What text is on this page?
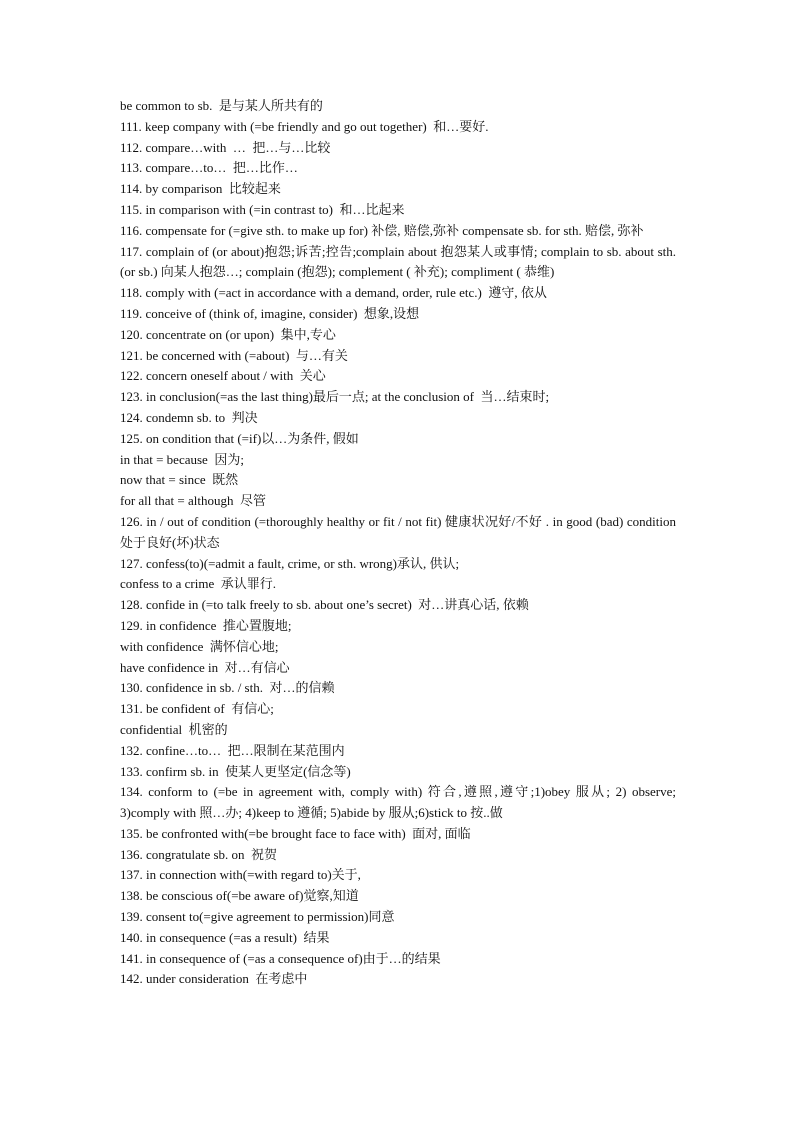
be common to sb.  是与某人所共有的

111. keep company with (=be friendly and go out together)  和…要好.

112. compare…with  …  把…与…比较

113. compare…to…  把…比作…

114. by comparison  比较起来

115. in comparison with (=in contrast to)  和…比起来

116. compensate for (=give sth. to make up for) 补偿, 赔偿,弥补 compensate sb. for sth. 赔偿, 弥补

117. complain of (or about)抱怨;诉苦;控告;complain about 抱怨某人或事情; complain to sb. about sth. (or sb.) 向某人抱怨…; complain (抱怨); complement ( 补充); compliment ( 恭维)

118. comply with (=act in accordance with a demand, order, rule etc.)  遵守, 依从

119. conceive of (think of, imagine, consider)  想象,设想

120. concentrate on (or upon)  集中,专心

121. be concerned with (=about)  与…有关

122. concern oneself about / with  关心

123. in conclusion(=as the last thing)最后一点; at the conclusion of  当…结束时;

124. condemn sb. to  判决

125. on condition that (=if)以…为条件, 假如

in that = because  因为;

now that = since  既然

for all that = although  尽管

126. in / out of condition (=thoroughly healthy or fit / not fit) 健康状况好/不好 . in good (bad) condition 处于良好(坏)状态

127. confess(to)(=admit a fault, crime, or sth. wrong)承认, 供认;

confess to a crime  承认罪行.

128. confide in (=to talk freely to sb. about one’s secret)  对…讲真心话, 依赖

129. in confidence  推心置腹地;

with confidence  满怀信心地;

have confidence in  对…有信心

130. confidence in sb. / sth.  对…的信赖

131. be confident of  有信心;

confidential  机密的

132. confine…to…  把…限制在某范围内

133. confirm sb. in  使某人更坚定(信念等)

134. conform to (=be in agreement with, comply with) 符合,遵照,遵守;1)obey 服从; 2) observe; 3)comply with 照…办; 4)keep to 遵循; 5)abide by 服从;6)stick to 按..做

135. be confronted with(=be brought face to face with)  面对, 面临

136. congratulate sb. on  祝贺

137. in connection with(=with regard to)关于,

138. be conscious of(=be aware of)觉察,知道

139. consent to(=give agreement to permission)同意

140. in consequence (=as a result)  结果

141. in consequence of (=as a consequence of)由于…的结果

142. under consideration  在考虑中
